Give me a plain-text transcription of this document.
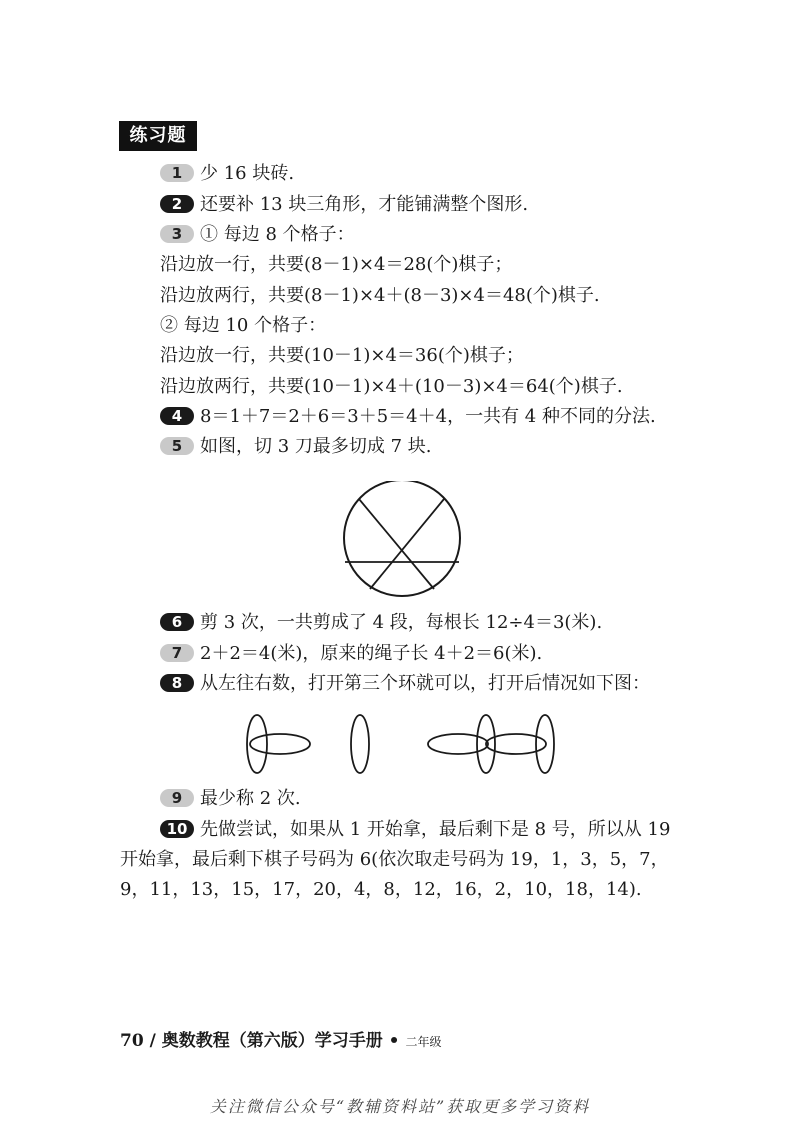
练习题
1 少 16 块砖.
2 还要补 13 块三角形，才能铺满整个图形.
3 ① 每边 8 个格子：
沿边放一行，共要(8－1)×4＝28(个)棋子；
沿边放两行，共要(8－1)×4＋(8－3)×4＝48(个)棋子.
② 每边 10 个格子：
沿边放一行，共要(10－1)×4＝36(个)棋子；
沿边放两行，共要(10－1)×4＋(10－3)×4＝64(个)棋子.
4 8＝1＋7＝2＋6＝3＋5＝4＋4，一共有 4 种不同的分法.
5 如图，切 3 刀最多切成 7 块.
6 剪 3 次，一共剪成了 4 段，每根长 12÷4＝3(米).
7 2＋2＝4(米)，原来的绳子长 4＋2＝6(米).
8 从左往右数，打开第三个环就可以，打开后情况如下图：
9 最少称 2 次.
10 先做尝试，如果从 1 开始拿，最后剩下是 8 号，所以从 19
开始拿，最后剩下棋子号码为 6(依次取走号码为 19，1，3，5，7，
9，11，13，15，17，20，4，8，12，16，2，10，18，14).
70 / 奥数教程（第六版）学习手册 • 二年级
关注微信公众号“教辅资料站”获取更多学习资料
